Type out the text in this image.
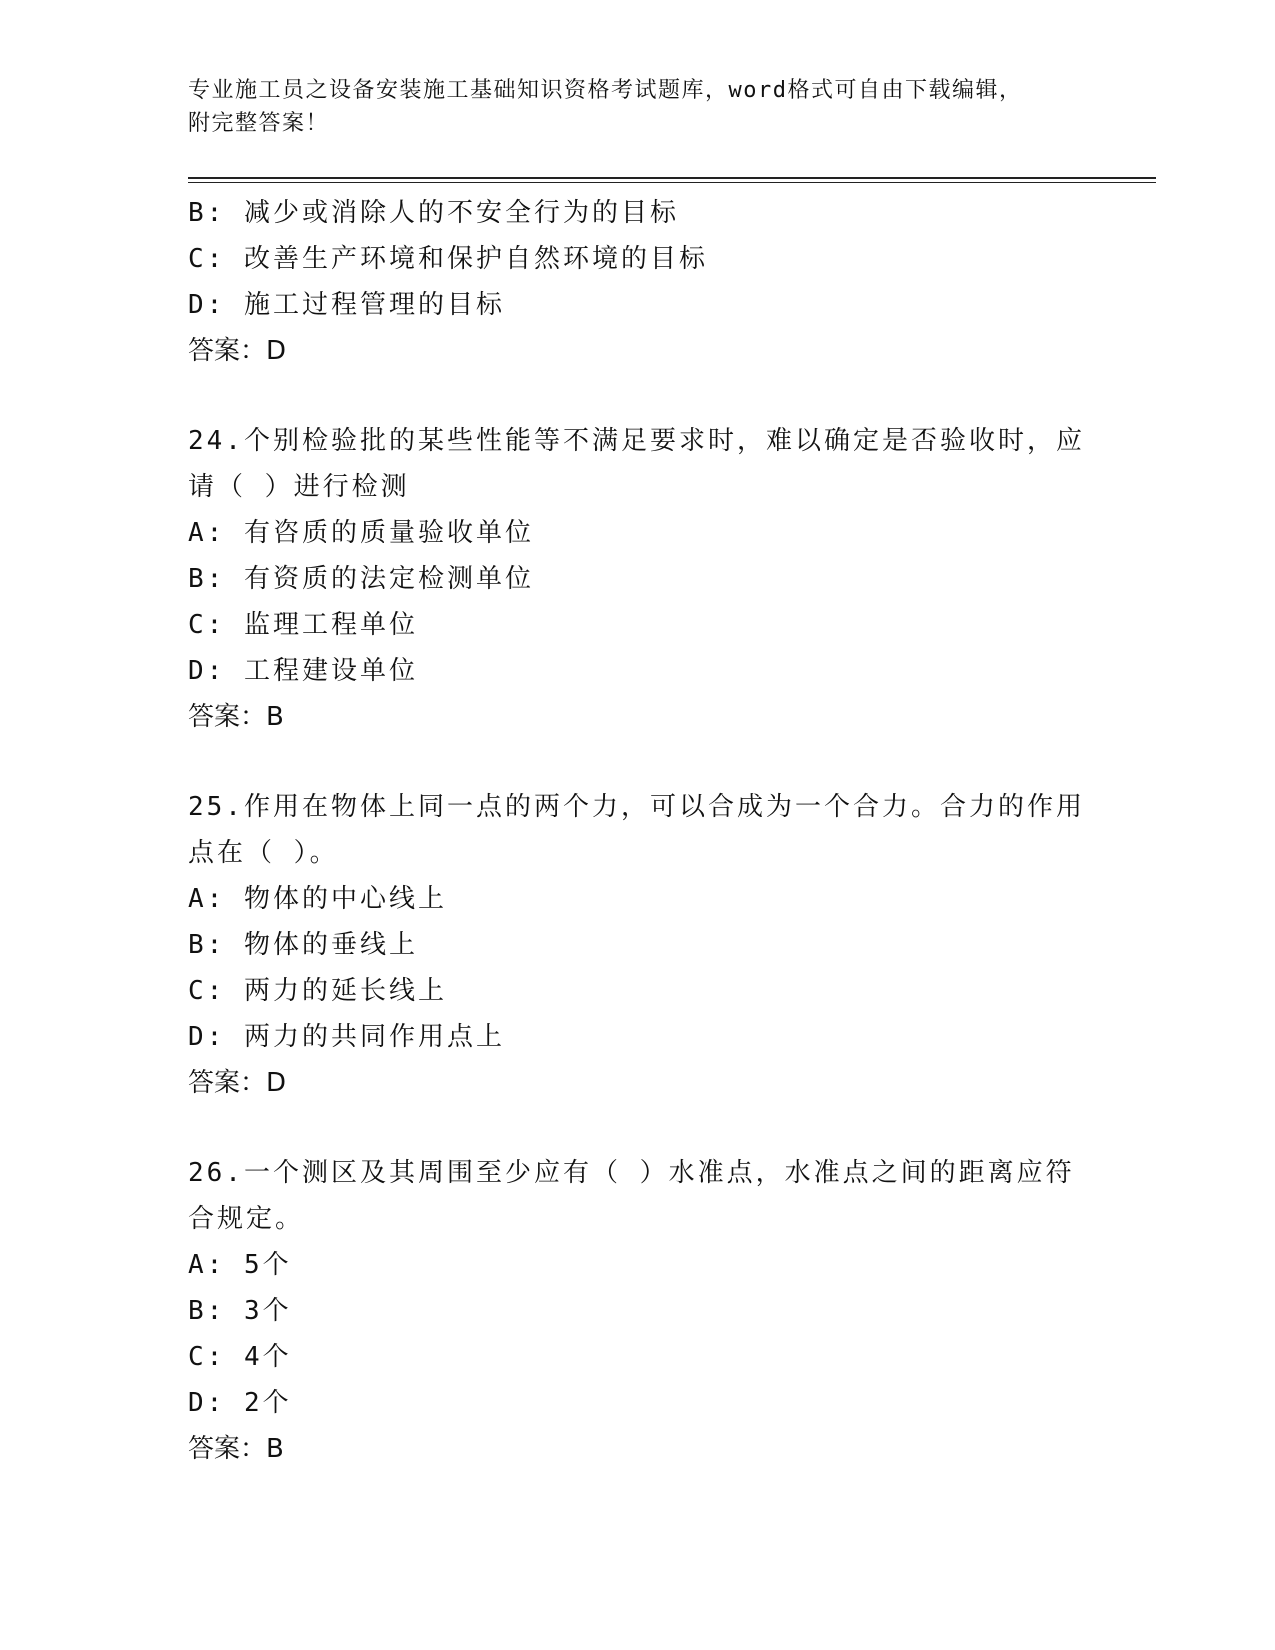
专业施工员之设备安装施工基础知识资格考试题库，word格式可自由下载编辑，
附完整答案！
B: 减少或消除人的不安全行为的目标
C: 改善生产环境和保护自然环境的目标
D: 施工过程管理的目标
答案：D
24.个别检验批的某些性能等不满足要求时，难以确定是否验收时，应
请（ ）进行检测
A: 有咨质的质量验收单位
B: 有资质的法定检测单位
C: 监理工程单位
D: 工程建设单位
答案：B
25.作用在物体上同一点的两个力，可以合成为一个合力。合力的作用
点在（ ）。
A: 物体的中心线上
B: 物体的垂线上
C: 两力的延长线上
D: 两力的共同作用点上
答案：D
26.一个测区及其周围至少应有（ ）水准点，水准点之间的距离应符
合规定。
A: 5个
B: 3个
C: 4个
D: 2个
答案：B
